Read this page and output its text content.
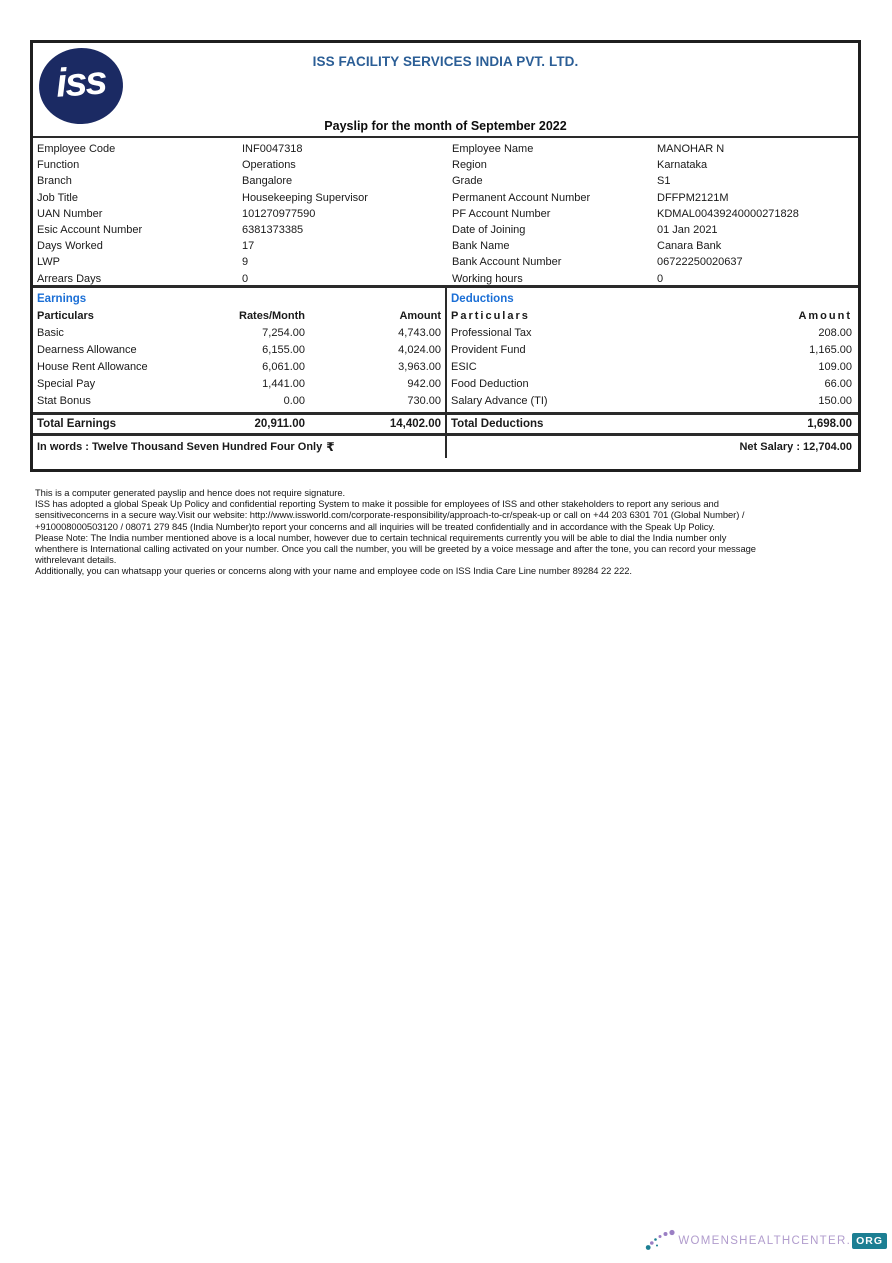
iss	ISS FACILITY SERVICES INDIA PVT. LTD.
Payslip for the month of September 2022
Employee Code	INF0047318	Employee Name	MANOHAR N
Function	Operations	Region	Karnataka
Branch	Bangalore	Grade	S1
Job Title	Housekeeping Supervisor	Permanent Account Number	DFFPM2121M
UAN Number	101270977590	PF Account Number	KDMAL00439240000271828
Esic Account Number	6381373385	Date of Joining	01 Jan 2021
Days Worked	17	Bank Name	Canara Bank
LWP	9	Bank Account Number	06722250020637
Arrears Days	0	Working hours	0
Earnings
Particulars	Rates/Month	Amount
Basic	7,254.00	4,743.00
Dearness Allowance	6,155.00	4,024.00
House Rent Allowance	6,061.00	3,963.00
Special Pay	1,441.00	942.00
Stat Bonus	0.00	730.00
Deductions
Particulars	Amount
Professional Tax	208.00
Provident Fund	1,165.00
ESIC	109.00
Food Deduction	66.00
Salary Advance (TI)	150.00
Total Earnings	20,911.00	14,402.00 Total Deductions	1,698.00
In words : Twelve Thousand Seven Hundred Four Only ₹	Net Salary : 12,704.00
This is a computer generated payslip and hence does not require signature.
ISS has adopted a global Speak Up Policy and confidential reporting System to make it possible for employees of ISS and other stakeholders to report any serious and
sensitiveconcerns in a secure way.Visit our website: http://www.issworld.com/corporate-responsibility/approach-to-cr/speak-up or call on +44 203 6301 701 (Global Number) /
+910008000503120 / 08071 279 845 (India Number)to report your concerns and all inquiries will be treated confidentially and in accordance with the Speak Up Policy.
Please Note: The India number mentioned above is a local number, however due to certain technical requirements currently you will be able to dial the India number only
whenthere is International calling activated on your number. Once you call the number, you will be greeted by a voice message and after the tone, you can record your message
withrelevant details.
Additionally, you can whatsapp your queries or concerns along with your name and employee code on ISS India Care Line number 89284 22 222.
WOMENSHEALTHCENTER. ORG
